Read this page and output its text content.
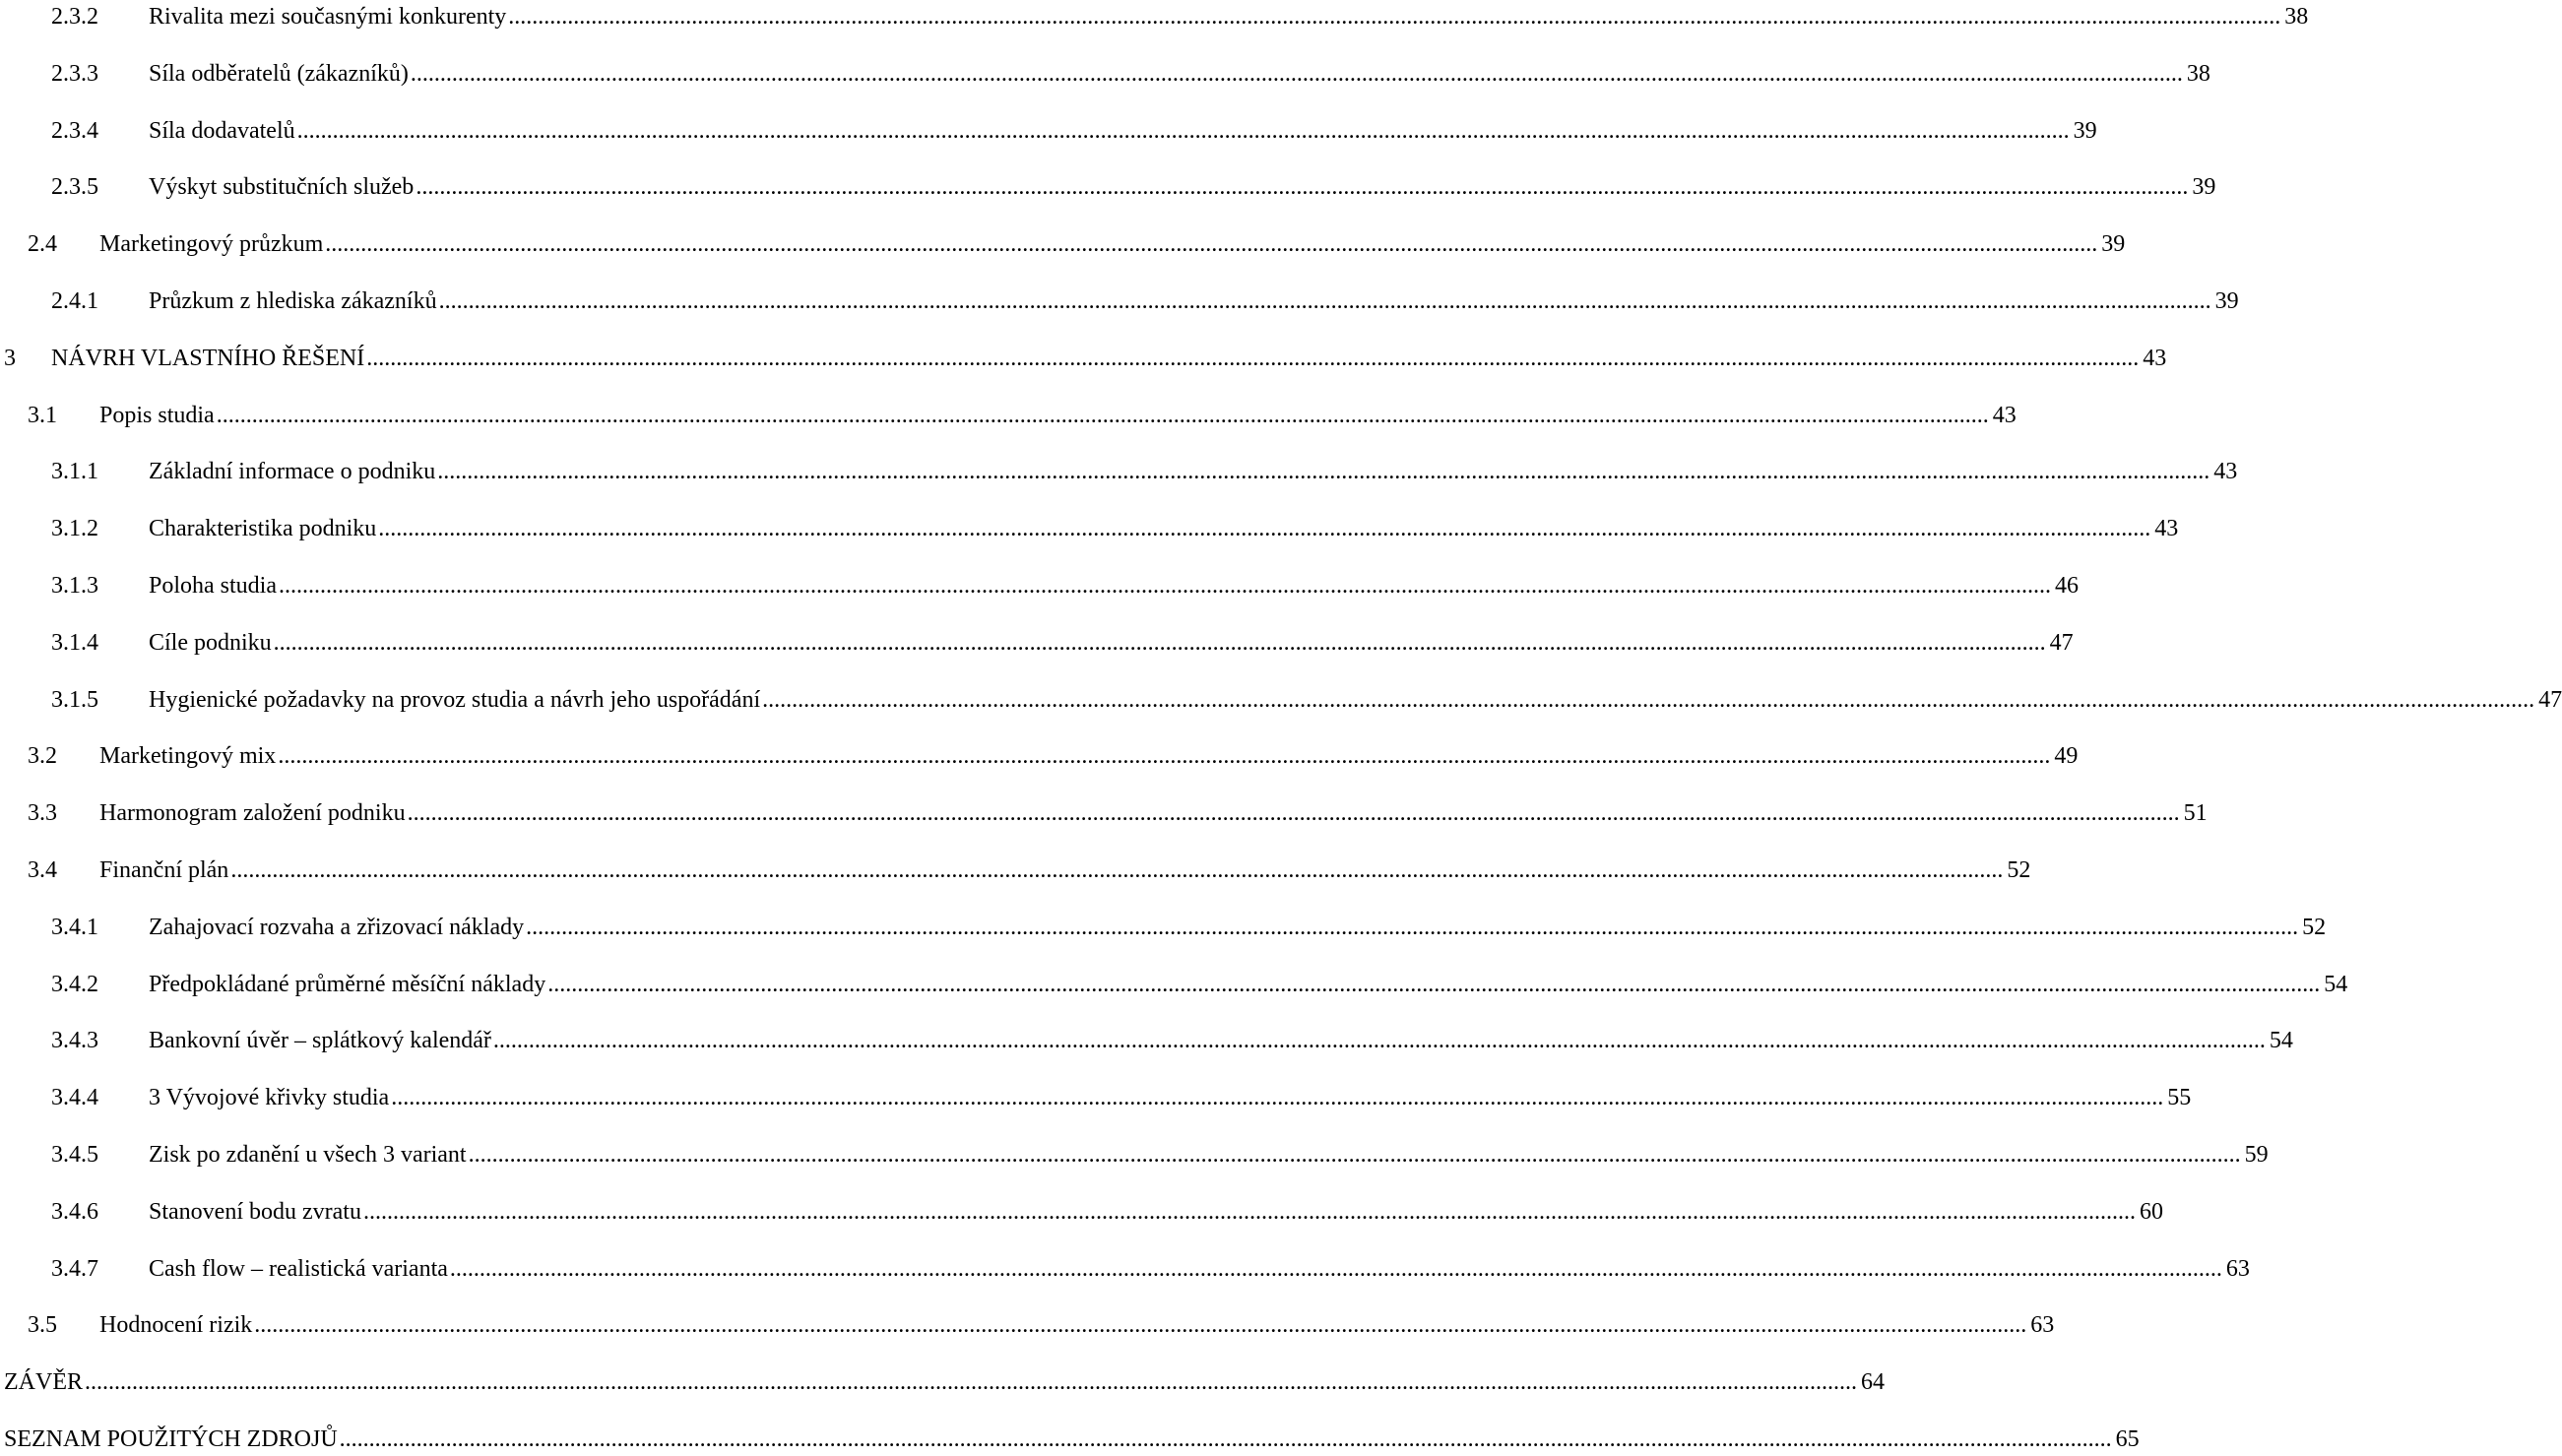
2.3.2 Rivalita mezi současnými konkurenty ............................................................................................................................................................................................................................................................................................................ 38
2.3.3 Síla odběratelů (zákazníků) ............................................................................................................................................................................................................................................................................................................ 38
2.3.4 Síla dodavatelů ............................................................................................................................................................................................................................................................................................................ 39
2.3.5 Výskyt substitučních služeb ............................................................................................................................................................................................................................................................................................................ 39
2.4 Marketingový průzkum ............................................................................................................................................................................................................................................................................................................ 39
2.4.1 Průzkum z hlediska zákazníků ............................................................................................................................................................................................................................................................................................................ 39
3 NÁVRH VLASTNÍHO ŘEŠENÍ ............................................................................................................................................................................................................................................................................................................ 43
3.1 Popis studia ............................................................................................................................................................................................................................................................................................................ 43
3.1.1 Základní informace o podniku ............................................................................................................................................................................................................................................................................................................ 43
3.1.2 Charakteristika podniku ............................................................................................................................................................................................................................................................................................................ 43
3.1.3 Poloha studia ............................................................................................................................................................................................................................................................................................................ 46
3.1.4 Cíle podniku ............................................................................................................................................................................................................................................................................................................ 47
3.1.5 Hygienické požadavky na provoz studia a návrh jeho uspořádání ............................................................................................................................................................................................................................................................................................................ 47
3.2 Marketingový mix ............................................................................................................................................................................................................................................................................................................ 49
3.3 Harmonogram založení podniku ............................................................................................................................................................................................................................................................................................................ 51
3.4 Finanční plán ............................................................................................................................................................................................................................................................................................................ 52
3.4.1 Zahajovací rozvaha a zřizovací náklady ............................................................................................................................................................................................................................................................................................................ 52
3.4.2 Předpokládané průměrné měsíční náklady ............................................................................................................................................................................................................................................................................................................ 54
3.4.3 Bankovní úvěr – splátkový kalendář ............................................................................................................................................................................................................................................................................................................ 54
3.4.4 3 Vývojové křivky studia ............................................................................................................................................................................................................................................................................................................ 55
3.4.5 Zisk po zdanění u všech 3 variant ............................................................................................................................................................................................................................................................................................................ 59
3.4.6 Stanovení bodu zvratu ............................................................................................................................................................................................................................................................................................................ 60
3.4.7 Cash flow – realistická varianta ............................................................................................................................................................................................................................................................................................................ 63
3.5 Hodnocení rizik ............................................................................................................................................................................................................................................................................................................ 63
ZÁVĚR ............................................................................................................................................................................................................................................................................................................ 64
SEZNAM POUŽITÝCH ZDROJŮ ............................................................................................................................................................................................................................................................................................................ 65
